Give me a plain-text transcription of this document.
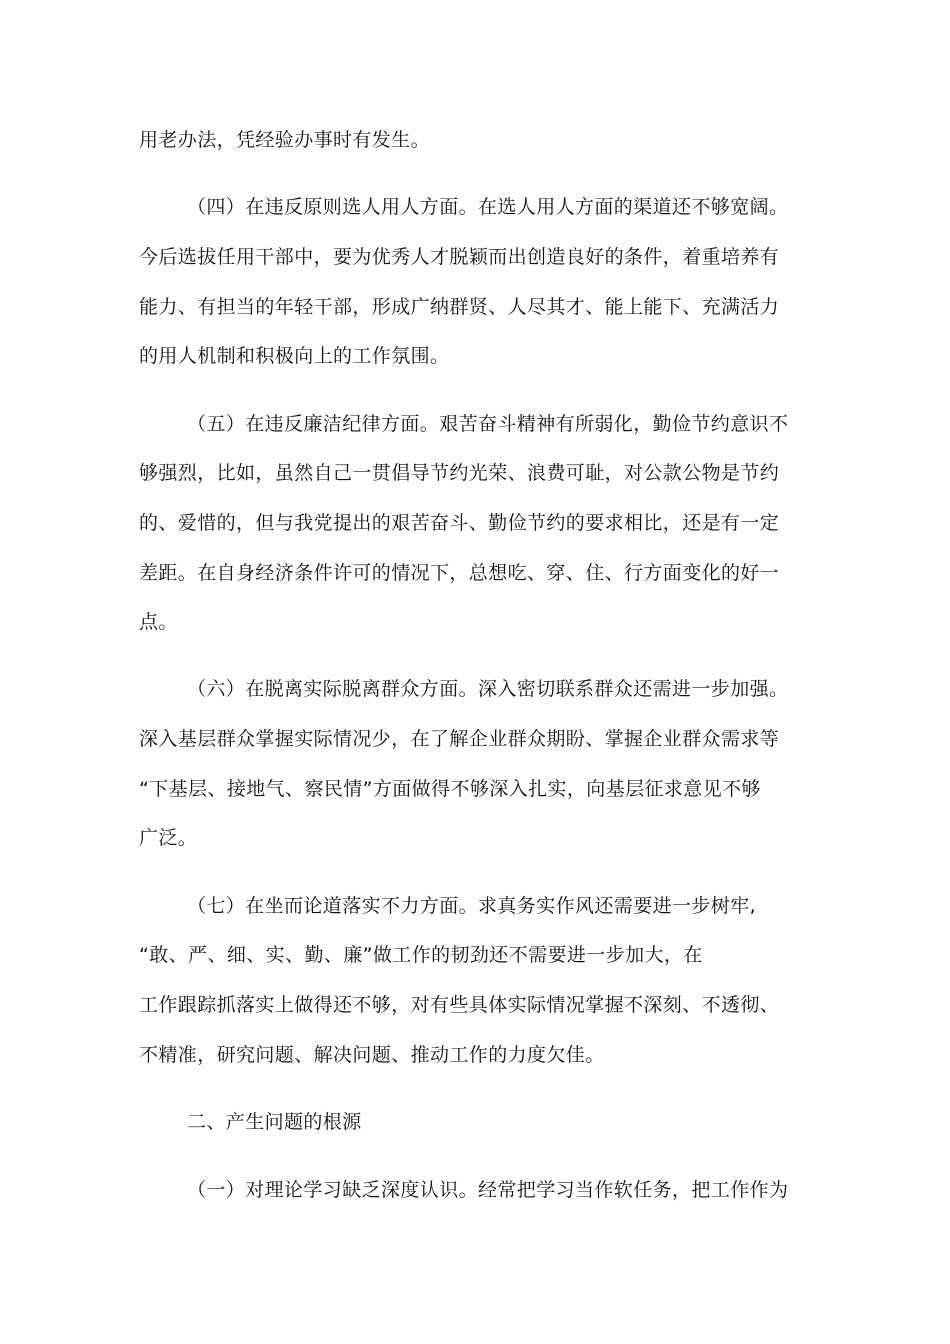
用老办法，凭经验办事时有发生。
（四）在违反原则选人用人方面。在选人用人方面的渠道还不够宽阔。
今后选拔任用干部中，要为优秀人才脱颖而出创造良好的条件，着重培养有
能力、有担当的年轻干部，形成广纳群贤、人尽其才、能上能下、充满活力
的用人机制和积极向上的工作氛围。
（五）在违反廉洁纪律方面。艰苦奋斗精神有所弱化，勤俭节约意识不
够强烈，比如，虽然自己一贯倡导节约光荣、浪费可耻，对公款公物是节约
的、爱惜的，但与我党提出的艰苦奋斗、勤俭节约的要求相比，还是有一定
差距。在自身经济条件许可的情况下，总想吃、穿、住、行方面变化的好一
点。
（六）在脱离实际脱离群众方面。深入密切联系群众还需进一步加强。
深入基层群众掌握实际情况少，在了解企业群众期盼、掌握企业群众需求等
“下基层、接地气、察民情”方面做得不够深入扎实，向基层征求意见不够
广泛。
（七）在坐而论道落实不力方面。求真务实作风还需要进一步树牢,
“敢、严、细、实、勤、廉”做工作的韧劲还不需要进一步加大，在
工作跟踪抓落实上做得还不够，对有些具体实际情况掌握不深刻、不透彻、
不精准，研究问题、解决问题、推动工作的力度欠佳。
二、产生问题的根源
（一）对理论学习缺乏深度认识。经常把学习当作软任务，把工作作为
